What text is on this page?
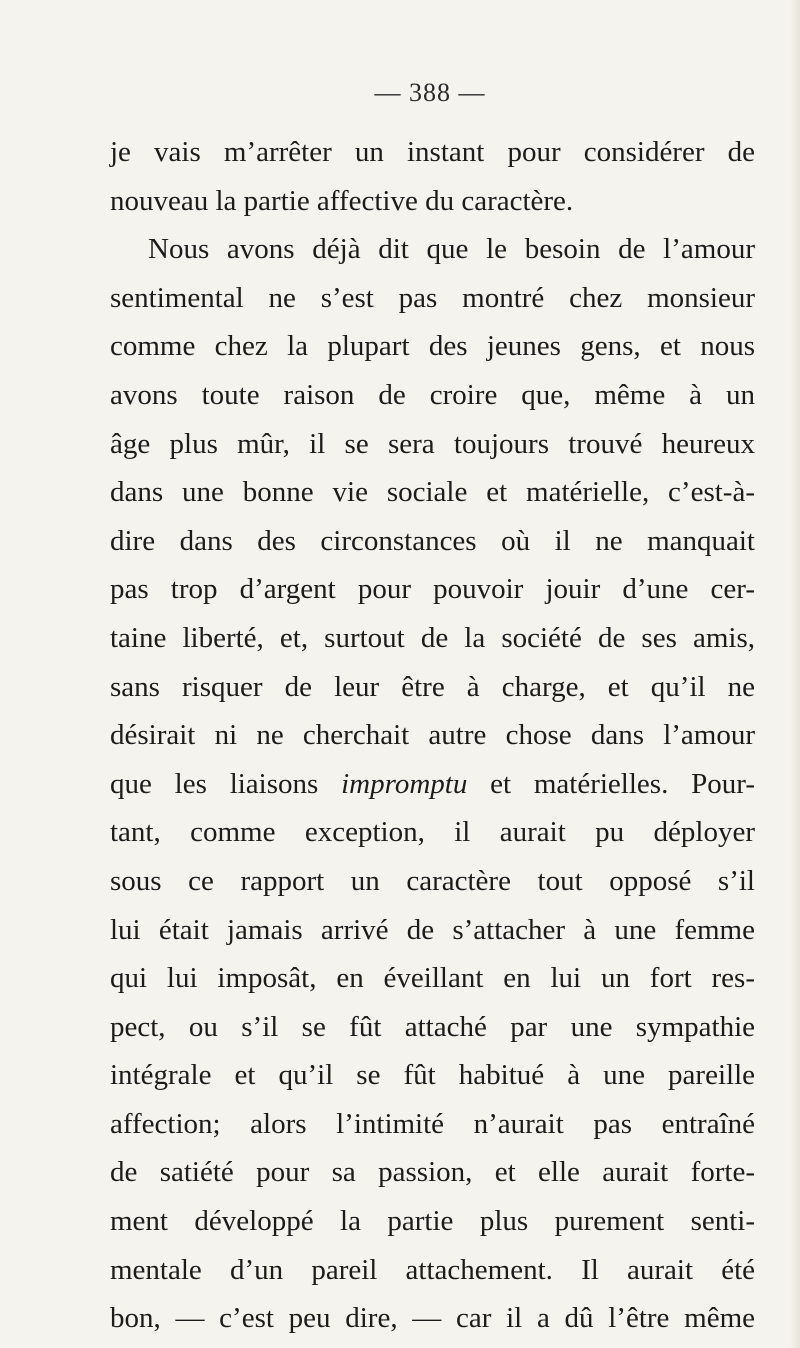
— 388 —
je vais m’arrêter un instant pour considérer de
nouveau la partie affective du caractère.
Nous avons déjà dit que le besoin de l’amour
sentimental ne s’est pas montré chez monsieur
comme chez la plupart des jeunes gens, et nous
avons toute raison de croire que, même à un
âge plus mûr, il se sera toujours trouvé heureux
dans une bonne vie sociale et matérielle, c’est-à-
dire dans des circonstances où il ne manquait
pas trop d’argent pour pouvoir jouir d’une cer-
taine liberté, et, surtout de la société de ses amis,
sans risquer de leur être à charge, et qu’il ne
désirait ni ne cherchait autre chose dans l’amour
que les liaisons impromptu et matérielles. Pour-
tant, comme exception, il aurait pu déployer
sous ce rapport un caractère tout opposé s’il
lui était jamais arrivé de s’attacher à une femme
qui lui imposât, en éveillant en lui un fort res-
pect, ou s’il se fût attaché par une sympathie
intégrale et qu’il se fût habitué à une pareille
affection; alors l’intimité n’aurait pas entraîné
de satiété pour sa passion, et elle aurait forte-
ment développé la partie plus purement senti-
mentale d’un pareil attachement. Il aurait été
bon, — c’est peu dire, — car il a dû l’être même
